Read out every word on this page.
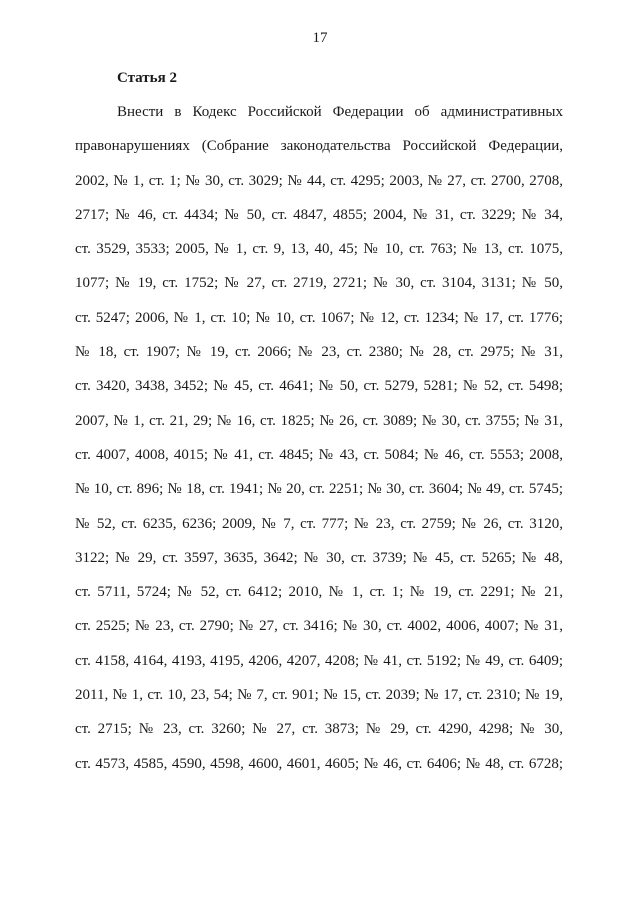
17
Статья 2
Внести в Кодекс Российской Федерации об административных
правонарушениях (Собрание законодательства Российской Федерации,
2002, № 1, ст. 1; № 30, ст. 3029; № 44, ст. 4295; 2003, № 27, ст. 2700, 2708,
2717; № 46, ст. 4434; № 50, ст. 4847, 4855; 2004, № 31, ст. 3229; № 34,
ст. 3529, 3533; 2005, № 1, ст. 9, 13, 40, 45; № 10, ст. 763; № 13, ст. 1075,
1077; № 19, ст. 1752; № 27, ст. 2719, 2721; № 30, ст. 3104, 3131; № 50,
ст. 5247; 2006, № 1, ст. 10; № 10, ст. 1067; № 12, ст. 1234; № 17, ст. 1776;
№ 18, ст. 1907; № 19, ст. 2066; № 23, ст. 2380; № 28, ст. 2975; № 31,
ст. 3420, 3438, 3452; № 45, ст. 4641; № 50, ст. 5279, 5281; № 52, ст. 5498;
2007, № 1, ст. 21, 29; № 16, ст. 1825; № 26, ст. 3089; № 30, ст. 3755; № 31,
ст. 4007, 4008, 4015; № 41, ст. 4845; № 43, ст. 5084; № 46, ст. 5553; 2008,
№ 10, ст. 896; № 18, ст. 1941; № 20, ст. 2251; № 30, ст. 3604; № 49, ст. 5745;
№ 52, ст. 6235, 6236; 2009, № 7, ст. 777; № 23, ст. 2759; № 26, ст. 3120,
3122; № 29, ст. 3597, 3635, 3642; № 30, ст. 3739; № 45, ст. 5265; № 48,
ст. 5711, 5724; № 52, ст. 6412; 2010, № 1, ст. 1; № 19, ст. 2291; № 21,
ст. 2525; № 23, ст. 2790; № 27, ст. 3416; № 30, ст. 4002, 4006, 4007; № 31,
ст. 4158, 4164, 4193, 4195, 4206, 4207, 4208; № 41, ст. 5192; № 49, ст. 6409;
2011, № 1, ст. 10, 23, 54; № 7, ст. 901; № 15, ст. 2039; № 17, ст. 2310; № 19,
ст. 2715; № 23, ст. 3260; № 27, ст. 3873; № 29, ст. 4290, 4298; № 30,
ст. 4573, 4585, 4590, 4598, 4600, 4601, 4605; № 46, ст. 6406; № 48, ст. 6728;
